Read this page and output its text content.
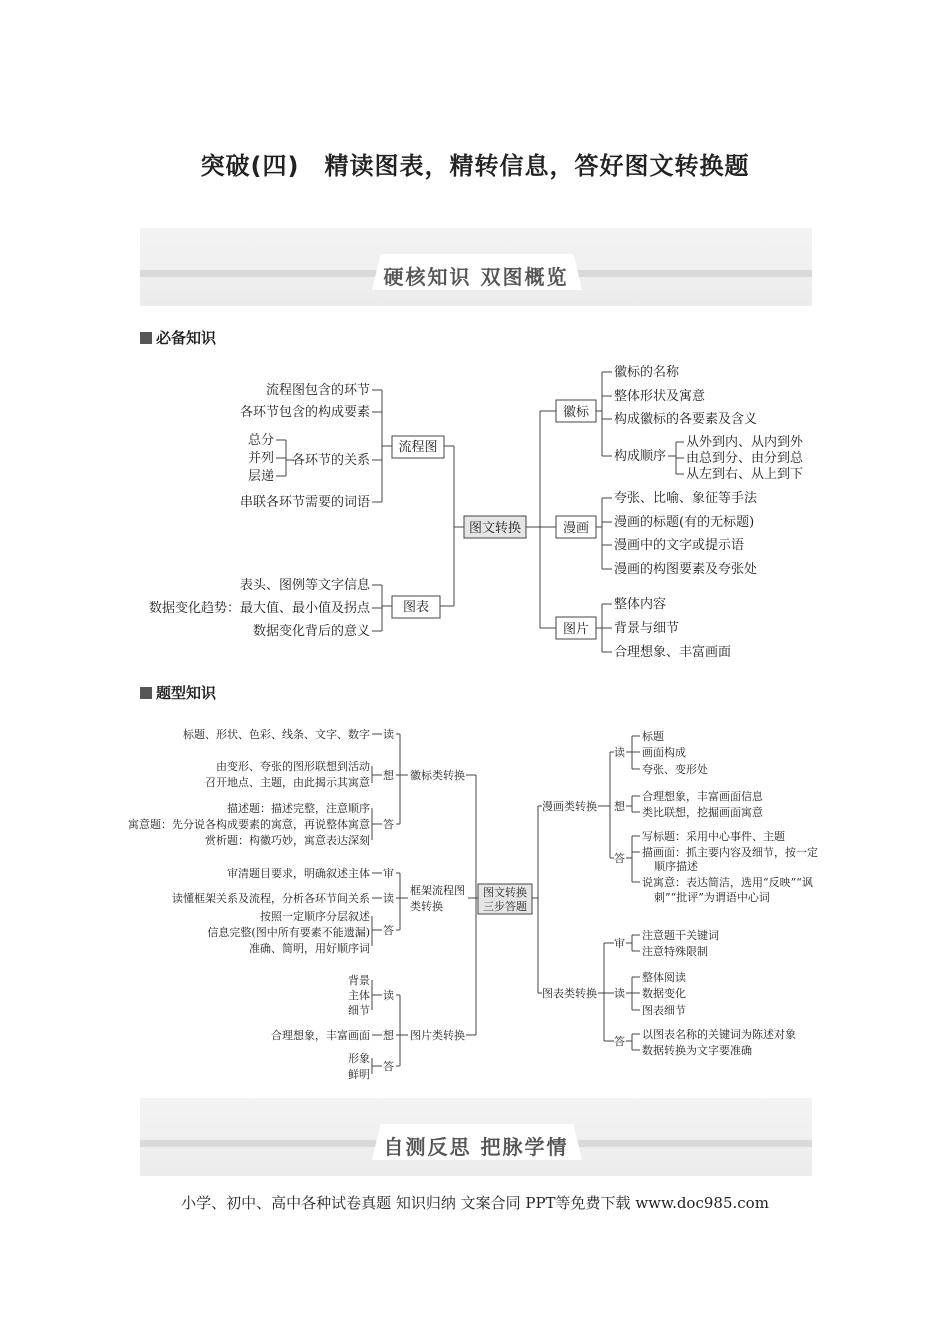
突破(四)　精读图表，精转信息，答好图文转换题
硬核知识 双图概览
必备知识
流程图包含的环节
各环节包含的构成要素
各环节的关系
串联各环节需要的词语
总分
并列
层递
流程图
表头、图例等文字信息
数据变化趋势：最大值、最小值及拐点
数据变化背后的意义
图表
图文转换
徽标
漫画
图片
徽标的名称
整体形状及寓意
构成徽标的各要素及含义
构成顺序
从外到内、从内到外
由总到分、由分到总
从左到右、从上到下
夸张、比喻、象征等手法
漫画的标题(有的无标题)
漫画中的文字或提示语
漫画的构图要素及夸张处
整体内容
背景与细节
合理想象、丰富画面
题型知识
标题、形状、色彩、线条、文字、数字 读
由变形、夸张的图形联想到活动
召开地点、主题，由此揭示其寓意
想
描述题：描述完整，注意顺序
寓意题：先分说各构成要素的寓意，再说整体寓意
赏析题：构徽巧妙，寓意表达深刻
答
徽标类转换
审清题目要求，明确叙述主体 审
读懂框架关系及流程，分析各环节间关系 读
按照一定顺序分层叙述
信息完整(图中所有要素不能遗漏)
准确、简明，用好顺序词
答
框架流程图
类转换
背景
主体
细节
读
合理想象，丰富画面 想
形象
鲜明
答
图片类转换
图文转换
三步答题
漫画类转换
读
标题
画面构成
夸张、变形处
想
合理想象，丰富画面信息
类比联想，挖掘画面寓意
答
写标题：采用中心事件、主题
描画面：抓主要内容及细节，按一定
顺序描述
说寓意：表达简洁，选用“反映”“讽
刺”“批评”为谓语中心词
图表类转换
审
注意题干关键词
注意特殊限制
读
整体阅读
数据变化
图表细节
答
以图表名称的关键词为陈述对象
数据转换为文字要准确
自测反思 把脉学情
小学、初中、高中各种试卷真题 知识归纳 文案合同 PPT等免费下载 www.doc985.com
